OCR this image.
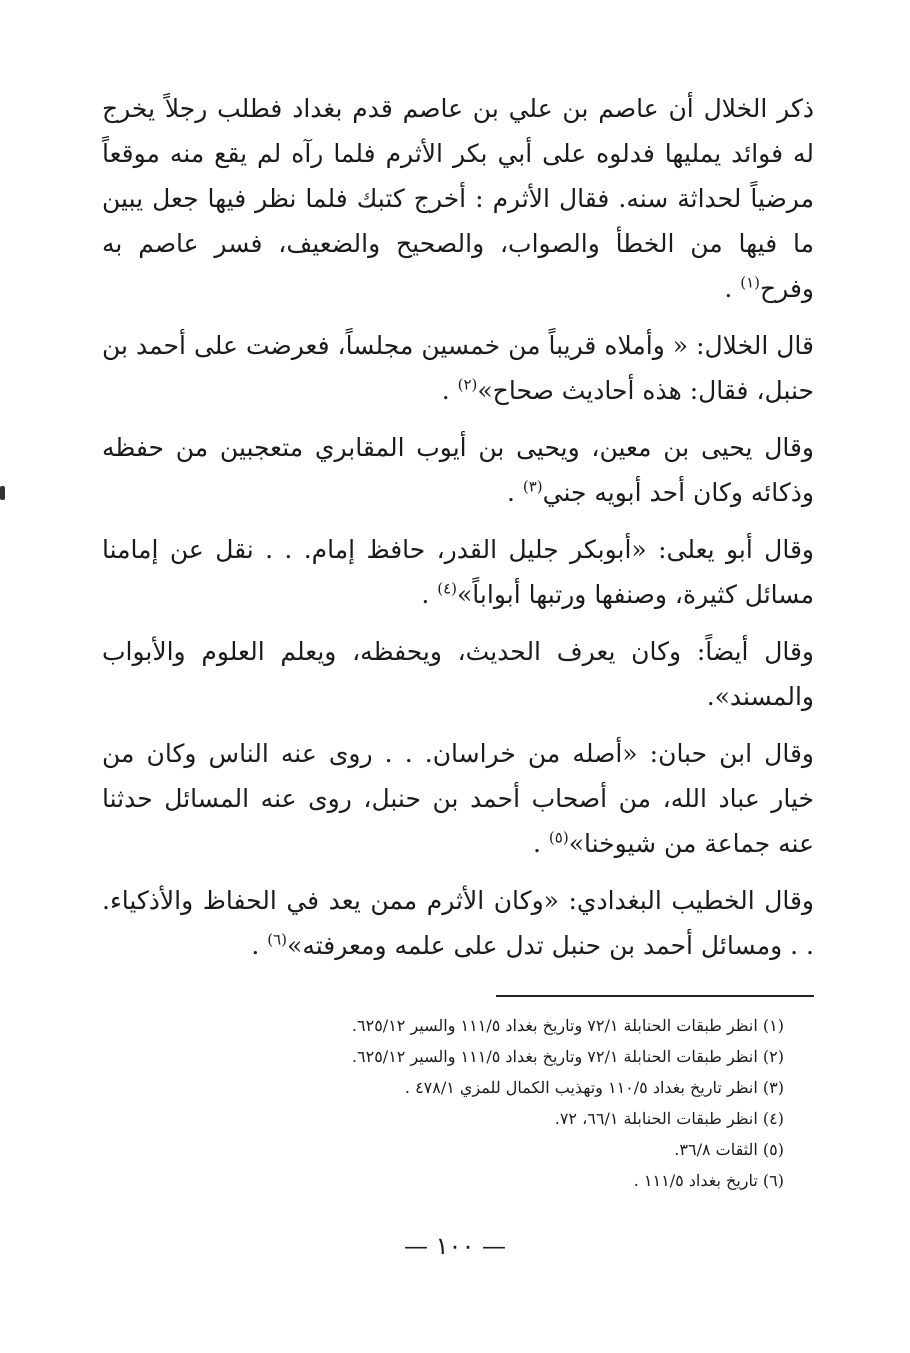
ذكر الخلال أن عاصم بن علي بن عاصم قدم بغداد فطلب رجلاً يخرج له فوائد يمليها فدلوه على أبي بكر الأثرم فلما رآه لم يقع منه موقعاً مرضياً لحداثة سنه. فقال الأثرم : أخرج كتبك فلما نظر فيها جعل يبين ما فيها من الخطأ والصواب، والصحيح والضعيف، فسر عاصم به وفرح$^{(١)}$ .

قال الخلال: « وأملاه قريباً من خمسين مجلساً، فعرضت على أحمد بن حنبل، فقال: هذه أحاديث صحاح»$^{(٢)}$ .

وقال يحيى بن معين، ويحيى بن أيوب المقابري متعجبين من حفظه وذكائه وكان أحد أبويه جني$^{(٣)}$ .

وقال أبو يعلى: «أبوبكر جليل القدر، حافظ إمام. . . نقل عن إمامنا مسائل كثيرة، وصنفها ورتبها أبواباً»$^{(٤)}$ .

وقال أيضاً: وكان يعرف الحديث، ويحفظه، ويعلم العلوم والأبواب والمسند».

وقال ابن حبان: «أصله من خراسان. . . روى عنه الناس وكان من خيار عباد الله، من أصحاب أحمد بن حنبل، روى عنه المسائل حدثنا عنه جماعة من شيوخنا»$^{(٥)}$ .

وقال الخطيب البغدادي: «وكان الأثرم ممن يعد في الحفاظ والأذكياء. . . ومسائل أحمد بن حنبل تدل على علمه ومعرفته»$^{(٦)}$ .

(١) انظر طبقات الحنابلة ٧٢/١ وتاريخ بغداد ١١١/٥ والسير ٦٢٥/١٢.

(٢) انظر طبقات الحنابلة ٧٢/١ وتاريخ بغداد ١١١/٥ والسير ٦٢٥/١٢.

(٣) انظر تاريخ بغداد ١١٠/٥ وتهذيب الكمال للمزي ٤٧٨/١ .

(٤) انظر طبقات الحنابلة ٦٦/١، ٧٢.

(٥) الثقات ٣٦/٨.

(٦) تاريخ بغداد ١١١/٥ .

— ١٠٠ —
